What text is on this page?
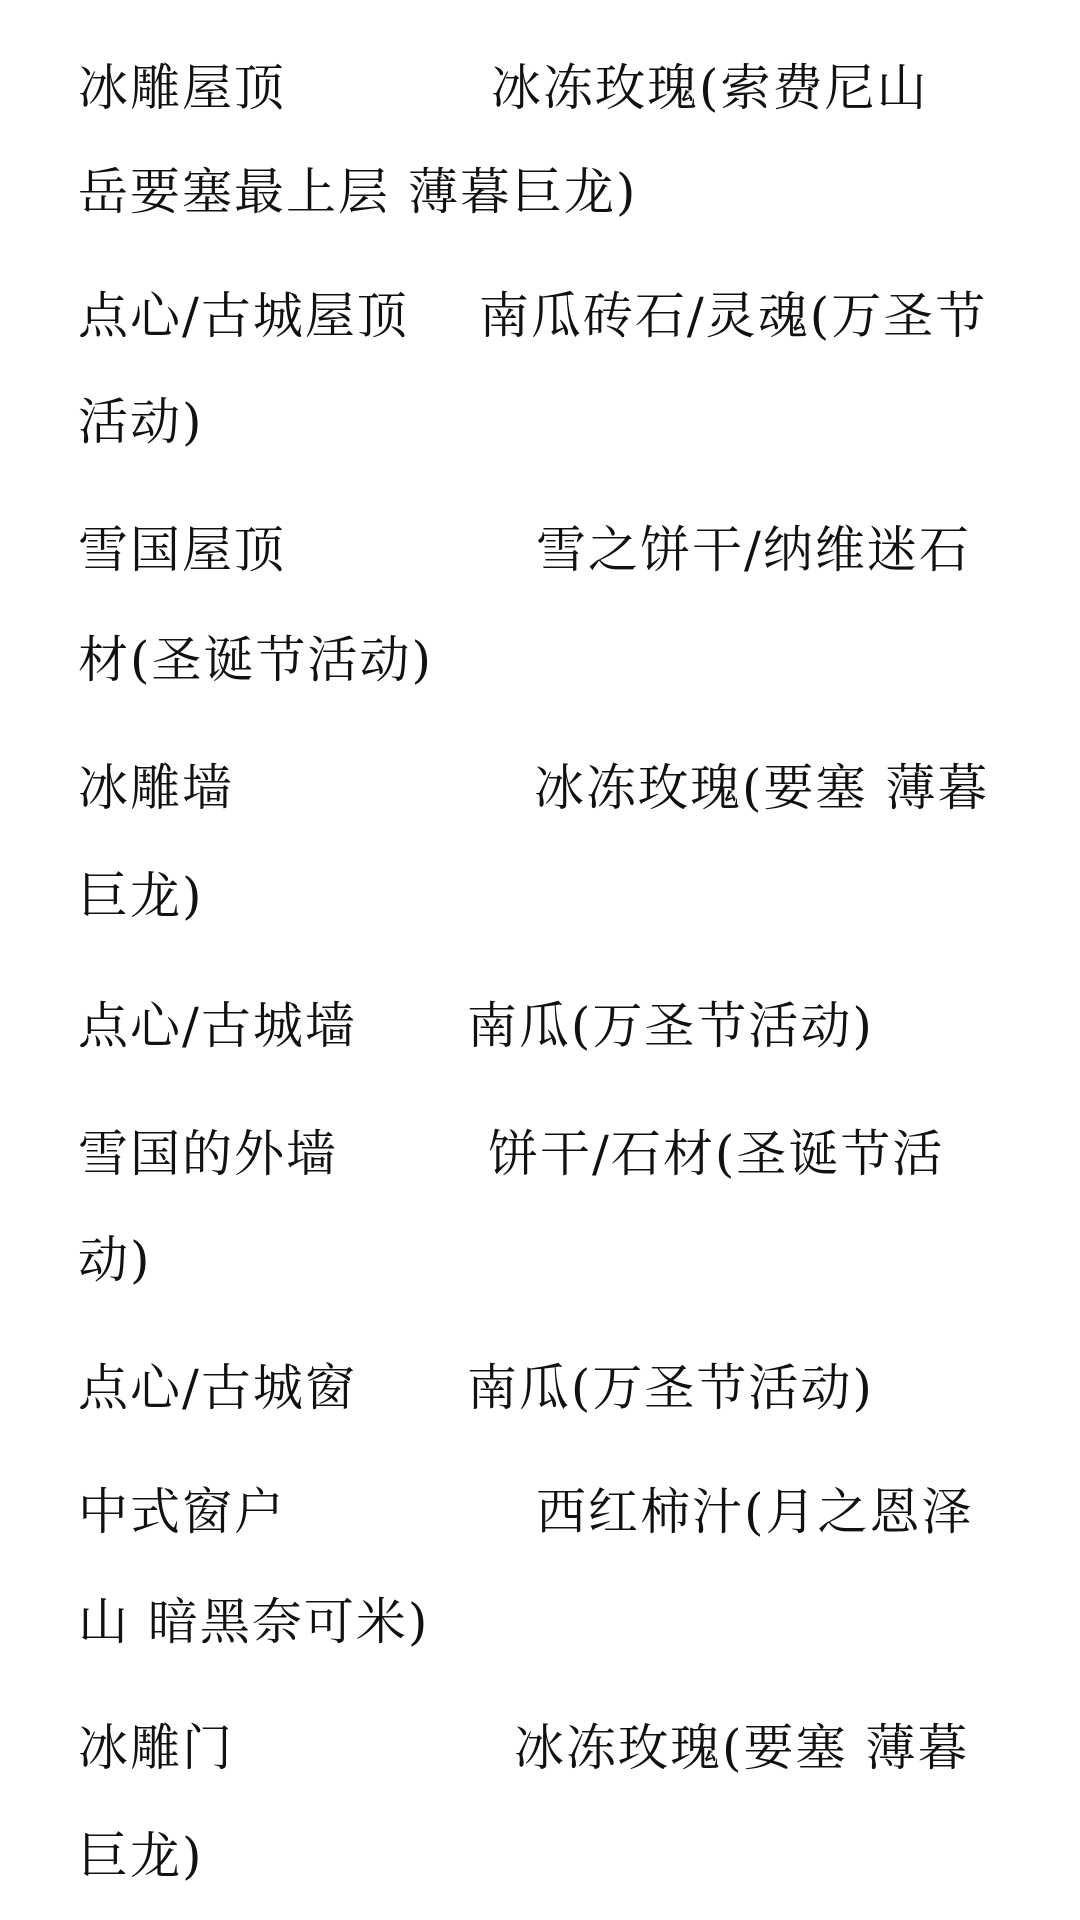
冰雕屋顶	冰冻玫瑰(索费尼山
岳要塞最上层 薄暮巨龙)
点心/古城屋顶 南瓜砖石/灵魂(万圣节
活动)
雪国屋顶	雪之饼干/纳维迷石
材(圣诞节活动)
冰雕墙	冰冻玫瑰(要塞 薄暮
巨龙)
点心/古城墙 南瓜(万圣节活动)
雪国的外墙	饼干/石材(圣诞节活
动)
点心/古城窗 南瓜(万圣节活动)
中式窗户	西红柿汁(月之恩泽
山 暗黑奈可米)
冰雕门	冰冻玫瑰(要塞 薄暮
巨龙)
